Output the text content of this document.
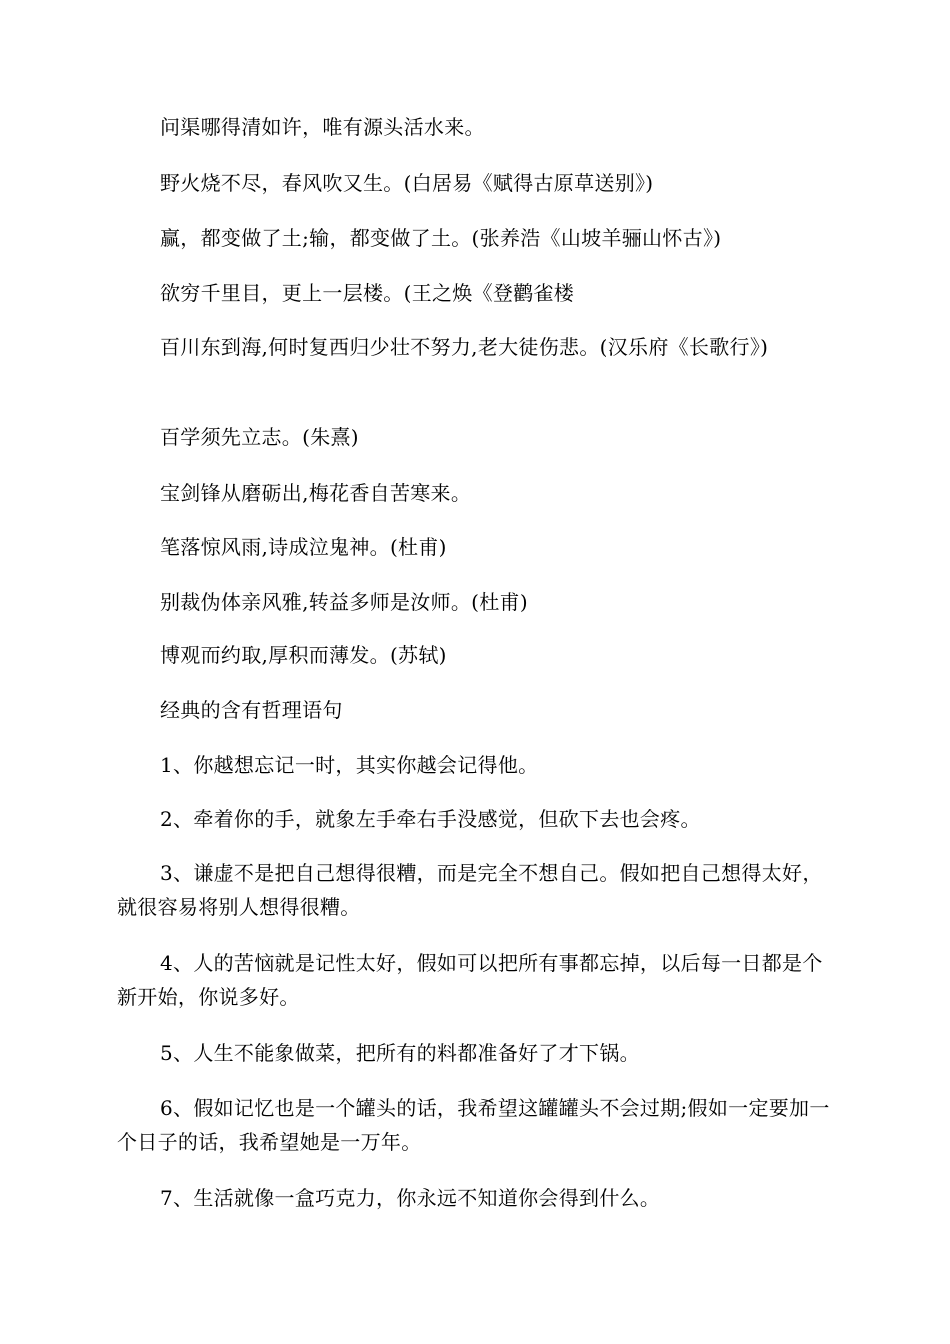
问渠哪得清如许，唯有源头活水来。

野火烧不尽，春风吹又生。(白居易《赋得古原草送别》)

赢，都变做了土;输，都变做了土。(张养浩《山坡羊骊山怀古》)

欲穷千里目，更上一层楼。(王之焕《登鹳雀楼

百川东到海,何时复西归少壮不努力,老大徒伤悲。(汉乐府《长歌行》)

百学须先立志。(朱熹)

宝剑锋从磨砺出,梅花香自苦寒来。

笔落惊风雨,诗成泣鬼神。(杜甫)

别裁伪体亲风雅,转益多师是汝师。(杜甫)

博观而约取,厚积而薄发。(苏轼)

经典的含有哲理语句

1、你越想忘记一时，其实你越会记得他。

2、牵着你的手，就象左手牵右手没感觉，但砍下去也会疼。

3、谦虚不是把自己想得很糟，而是完全不想自己。假如把自己想得太好，就很容易将别人想得很糟。

4、人的苦恼就是记性太好，假如可以把所有事都忘掉，以后每一日都是个新开始，你说多好。

5、人生不能象做菜，把所有的料都准备好了才下锅。

6、假如记忆也是一个罐头的话，我希望这罐罐头不会过期;假如一定要加一个日子的话，我希望她是一万年。

7、生活就像一盒巧克力，你永远不知道你会得到什么。
